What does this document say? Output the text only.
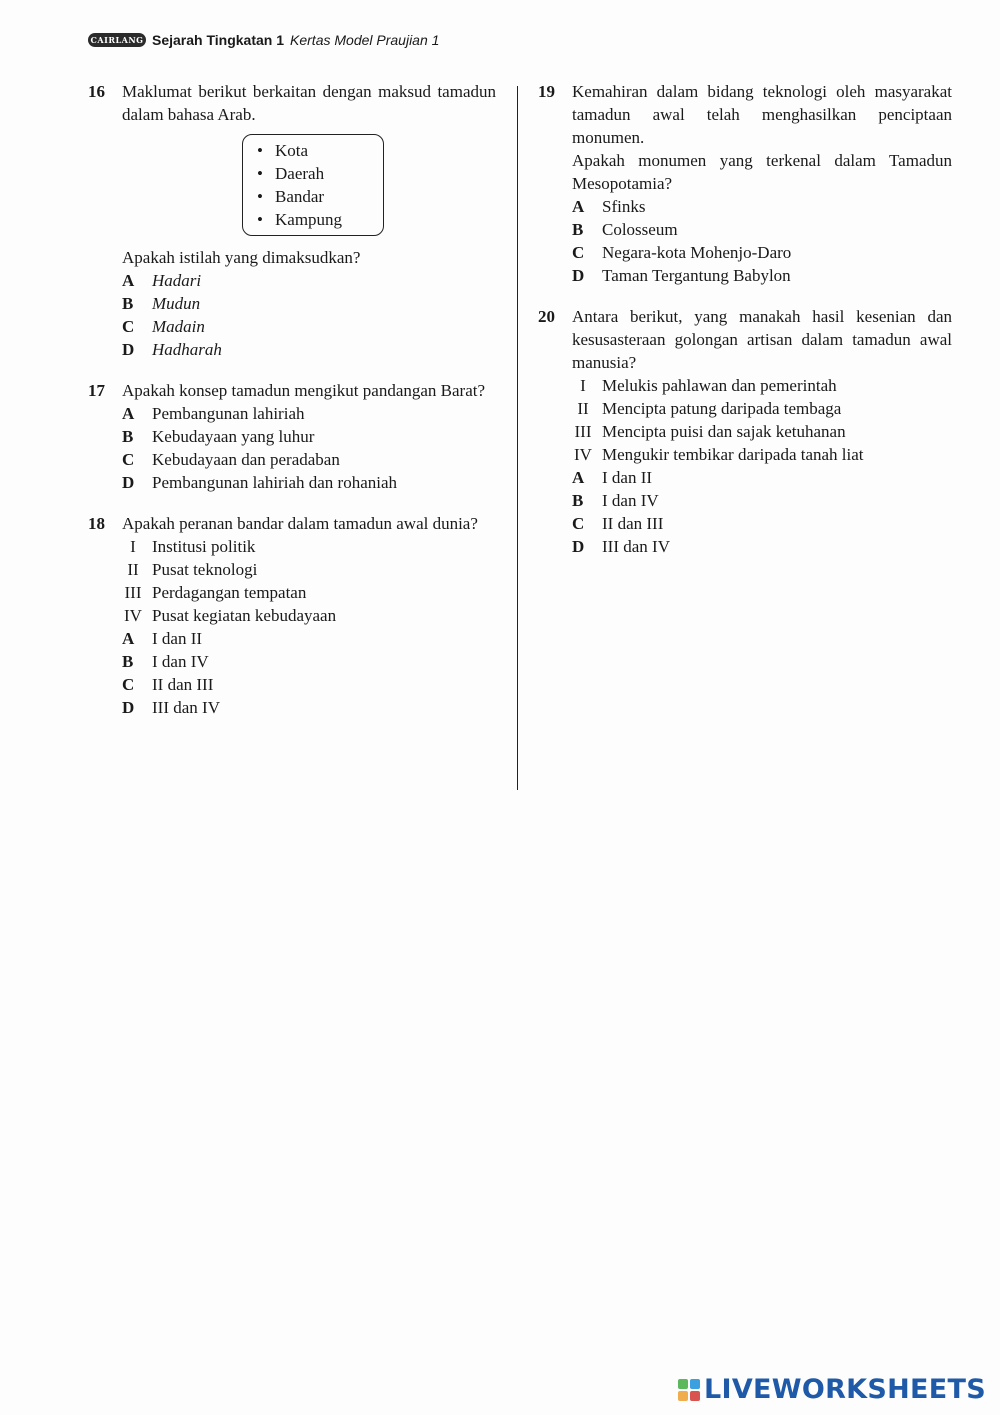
CAIRLANG Sejarah Tingkatan 1 Kertas Model Praujian 1
16 Maklumat berikut berkaitan dengan maksud tamadun dalam bahasa Arab.
• Kota
• Daerah
• Bandar
• Kampung
Apakah istilah yang dimaksudkan?
A	Hadari
B	Mudun
C	Madain
D	Hadharah
17 Apakah konsep tamadun mengikut pandangan Barat?
A	Pembangunan lahiriah
B	Kebudayaan yang luhur
C	Kebudayaan dan peradaban
D	Pembangunan lahiriah dan rohaniah
18 Apakah peranan bandar dalam tamadun awal dunia?
I Institusi politik
II Pusat teknologi
III Perdagangan tempatan
IV Pusat kegiatan kebudayaan
A	I dan II
B	I dan IV
C	II dan III
D	III dan IV
19 Kemahiran dalam bidang teknologi oleh masyarakat tamadun awal telah menghasilkan penciptaan monumen.
Apakah monumen yang terkenal dalam Tamadun Mesopotamia?
A	Sfinks
B	Colosseum
C	Negara-kota Mohenjo-Daro
D	Taman Tergantung Babylon
20 Antara berikut, yang manakah hasil kesenian dan kesusasteraan golongan artisan dalam tamadun awal manusia?
I Melukis pahlawan dan pemerintah
II Mencipta patung daripada tembaga
III Mencipta puisi dan sajak ketuhanan
IV Mengukir tembikar daripada tanah liat
A	I dan II
B	I dan IV
C	II dan III
D	III dan IV
LIVEWORKSHEETS
